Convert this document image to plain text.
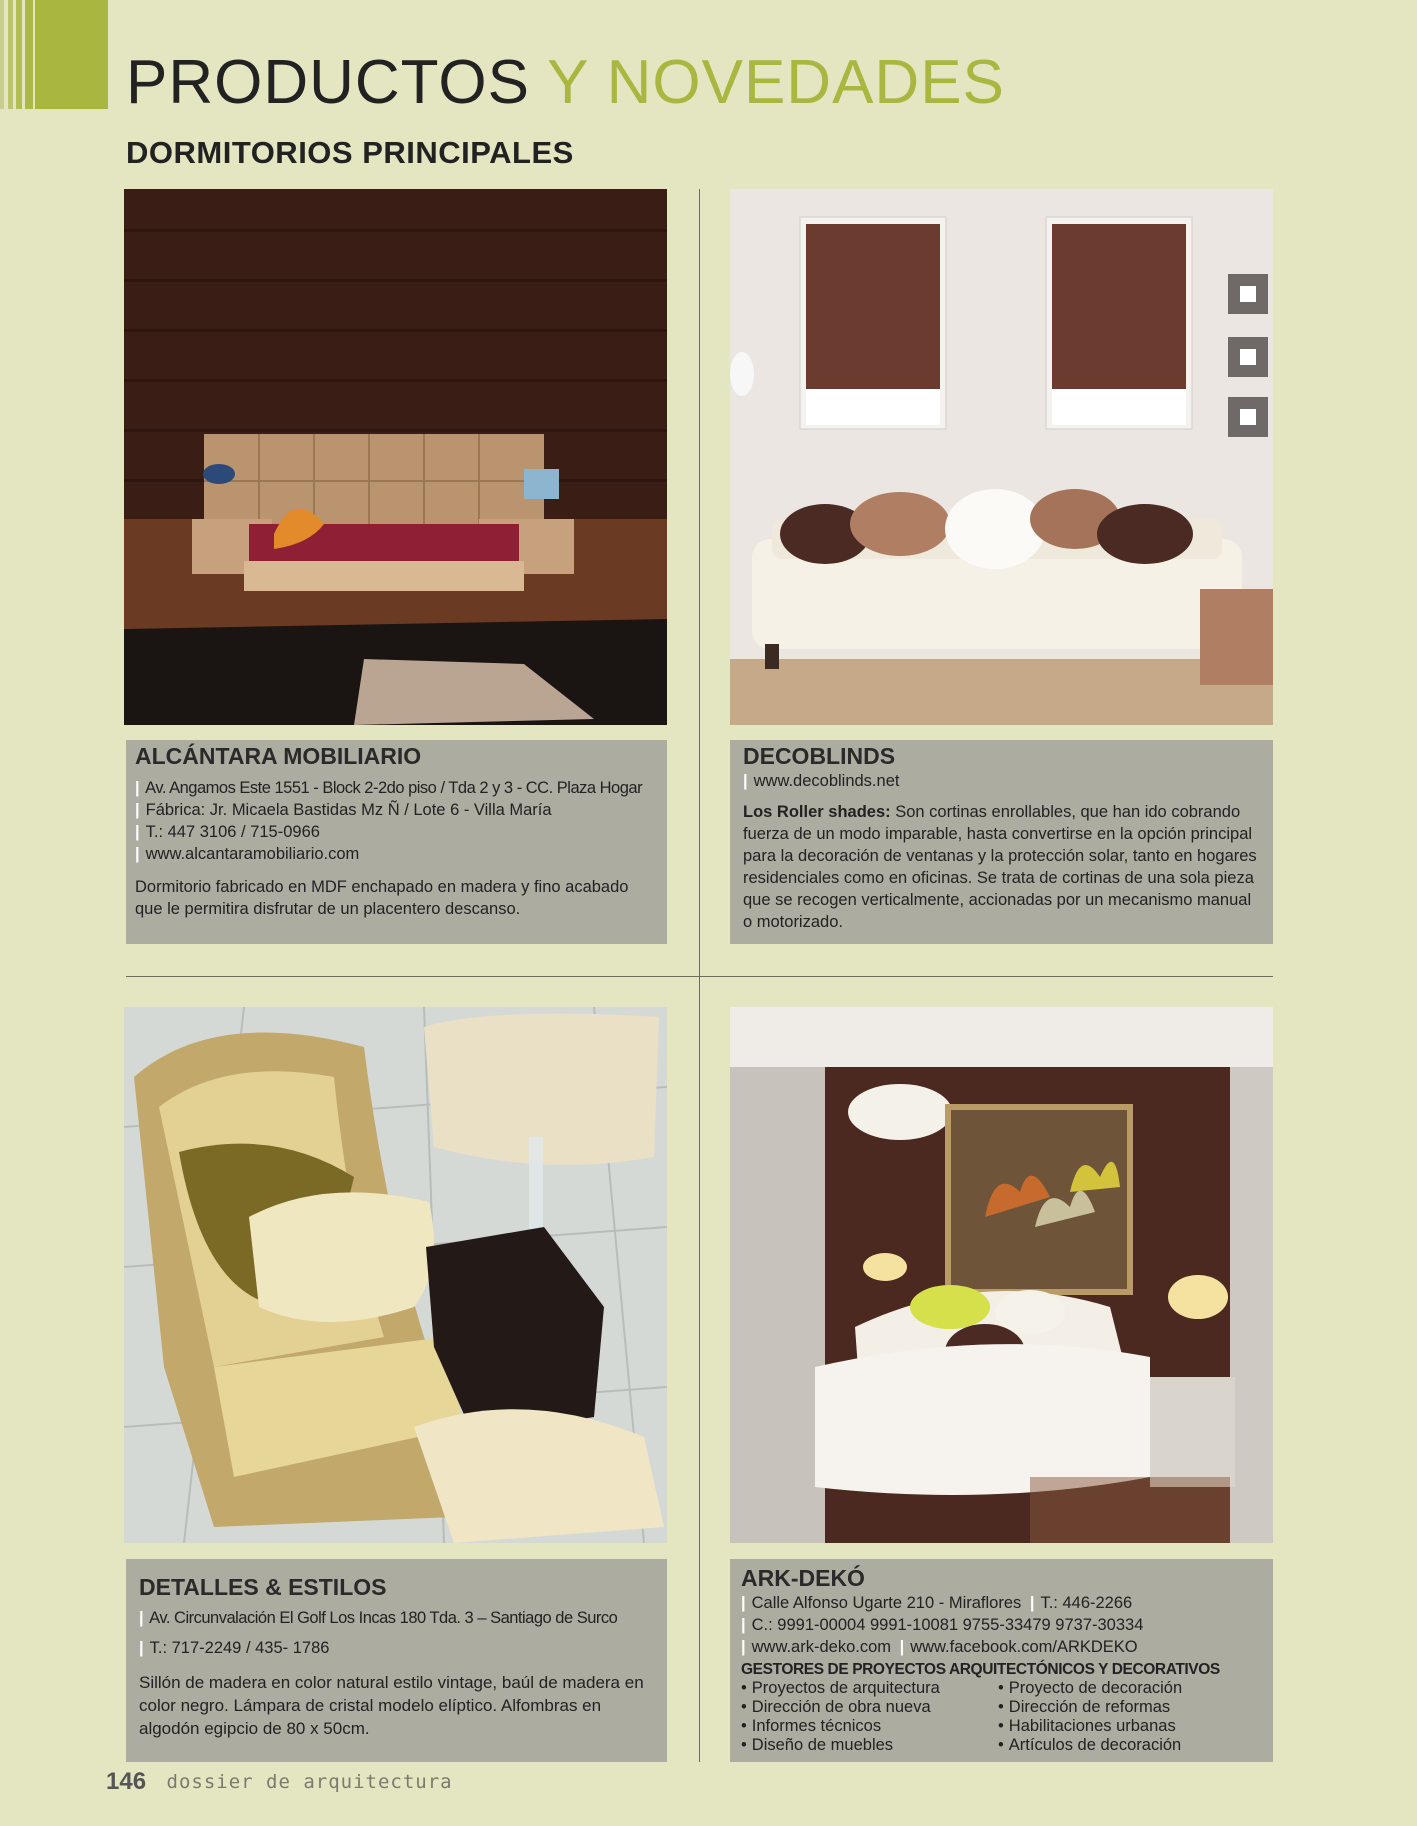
PRODUCTOS Y NOVEDADES
DORMITORIOS PRINCIPALES
ALCÁNTARA MOBILIARIO
| Av. Angamos Este 1551 - Block 2-2do piso / Tda 2 y 3 - CC. Plaza Hogar
| Fábrica: Jr. Micaela Bastidas Mz Ñ / Lote 6 - Villa María
| T.: 447 3106 / 715-0966
| www.alcantaramobiliario.com
Dormitorio fabricado en MDF enchapado en madera y fino acabado que le permitira disfrutar de un placentero descanso.
DECOBLINDS
| www.decoblinds.net
Los Roller shades: Son cortinas enrollables, que han ido cobrando fuerza de un modo imparable, hasta convertirse en la opción principal para la decoración de ventanas y la protección solar, tanto en hogares residenciales como en oficinas. Se trata de cortinas de una sola pieza que se recogen verticalmente, accionadas por un mecanismo manual o motorizado.
DETALLES & ESTILOS
| Av. Circunvalación El Golf Los Incas 180 Tda. 3 – Santiago de Surco
| T.: 717-2249 / 435- 1786
Sillón de madera en color natural estilo vintage, baúl de madera en color negro. Lámpara de cristal modelo elíptico. Alfombras en algodón egipcio de 80 x 50cm.
ARK-DEKÓ
| Calle Alfonso Ugarte 210 - Miraflores | T.: 446-2266
| C.: 9991-00004 9991-10081 9755-33479 9737-30334
| www.ark-deko.com | www.facebook.com/ARKDEKO
GESTORES DE PROYECTOS ARQUITECTÓNICOS Y DECORATIVOS
• Proyectos de arquitectura
• Dirección de obra nueva
• Informes técnicos
• Diseño de muebles
• Proyecto de decoración
• Dirección de reformas
• Habilitaciones urbanas
• Artículos de decoración
146 dossier de arquitectura
